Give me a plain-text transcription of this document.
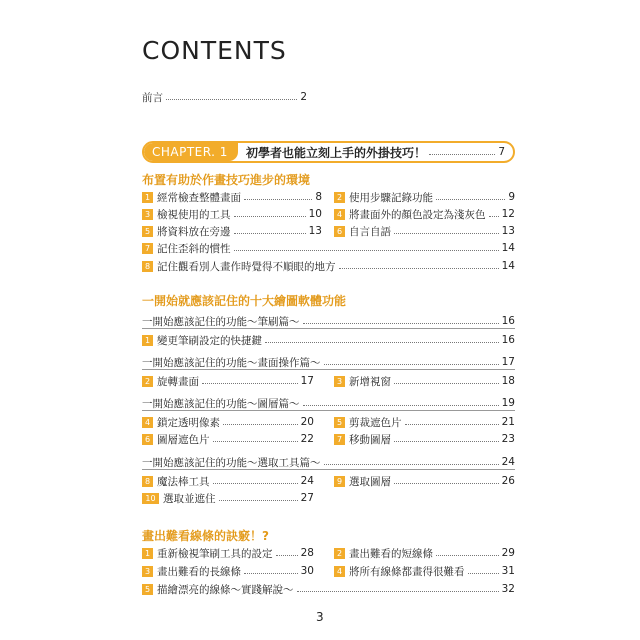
CONTENTS
前言	2
CHAPTER. 1	初學者也能立刻上手的外掛技巧！	7
布置有助於作畫技巧進步的環境
1 經常檢查整體畫面	8	2 使用步驟記錄功能	9
3 檢視使用的工具	10	4 將畫面外的顏色設定為淺灰色 12
5 將資料放在旁邊	13	6 自言自語	13
7 記住歪斜的慣性	14
8 記住觀看別人畫作時覺得不順眼的地方	14
一開始就應該記住的十大繪圖軟體功能
一開始應該記住的功能～筆刷篇～	16
1 變更筆刷設定的快捷鍵	16
一開始應該記住的功能～畫面操作篇～	17
2 旋轉畫面	17	3 新增視窗	18
一開始應該記住的功能～圖層篇～	19
4 鎖定透明像素	20	5 剪裁遮色片	21
6 圖層遮色片	22	7 移動圖層	23
一開始應該記住的功能～選取工具篇～	24
8 魔法棒工具	24	9 選取圖層	26
10 選取並遮住	27
畫出難看線條的訣竅！?
1 重新檢視筆刷工具的設定	28	2 畫出難看的短線條	29
3 畫出難看的長線條	30	4 將所有線條都畫得很難看	31
5 描繪漂亮的線條～實踐解說～	32
3
